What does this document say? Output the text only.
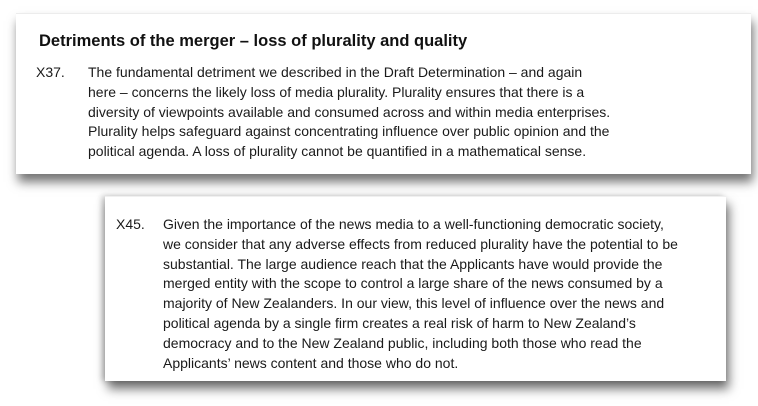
Detriments of the merger – loss of plurality and quality
X37.	The fundamental detriment we described in the Draft Determination – and again
here – concerns the likely loss of media plurality. Plurality ensures that there is a
diversity of viewpoints available and consumed across and within media enterprises.
Plurality helps safeguard against concentrating influence over public opinion and the
political agenda. A loss of plurality cannot be quantified in a mathematical sense.
X45.	Given the importance of the news media to a well-functioning democratic society,
we consider that any adverse effects from reduced plurality have the potential to be
substantial. The large audience reach that the Applicants have would provide the
merged entity with the scope to control a large share of the news consumed by a
majority of New Zealanders. In our view, this level of influence over the news and
political agenda by a single firm creates a real risk of harm to New Zealand’s
democracy and to the New Zealand public, including both those who read the
Applicants’ news content and those who do not.
